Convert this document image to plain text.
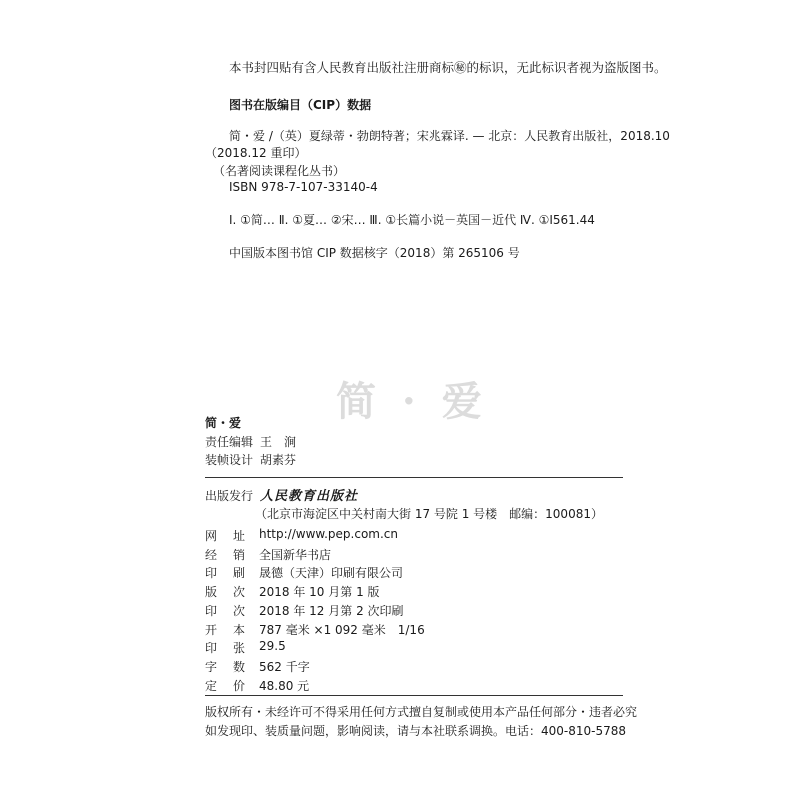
本书封四贴有含人民教育出版社注册商标㊙的标识，无此标识者视为盗版图书。
图书在版编目（CIP）数据
简・爱 /（英）夏绿蒂・勃朗特著；宋兆霖译. — 北京：人民教育出版社，2018.10
（2018.12 重印）
（名著阅读课程化丛书）
ISBN 978-7-107-33140-4
Ⅰ. ①简… Ⅱ. ①夏… ②宋… Ⅲ. ①长篇小说－英国－近代 Ⅳ. ①I561.44
中国版本图书馆 CIP 数据核字（2018）第 265106 号
简 · 爱
简・爱
责任编辑 王　涧
装帧设计 胡素芬
出版发行 人民教育出版社
（北京市海淀区中关村南大街 17 号院 1 号楼　邮编：100081）
网 址 http://www.pep.com.cn
经 销 全国新华书店
印 刷 晟德（天津）印刷有限公司
版 次 2018 年 10 月第 1 版
印 次 2018 年 12 月第 2 次印刷
开 本 787 毫米 ×1 092 毫米　1/16
印 张 29.5
字 数 562 千字
定 价 48.80 元
版权所有・未经许可不得采用任何方式擅自复制或使用本产品任何部分・违者必究
如发现印、装质量问题，影响阅读，请与本社联系调换。电话：400-810-5788
